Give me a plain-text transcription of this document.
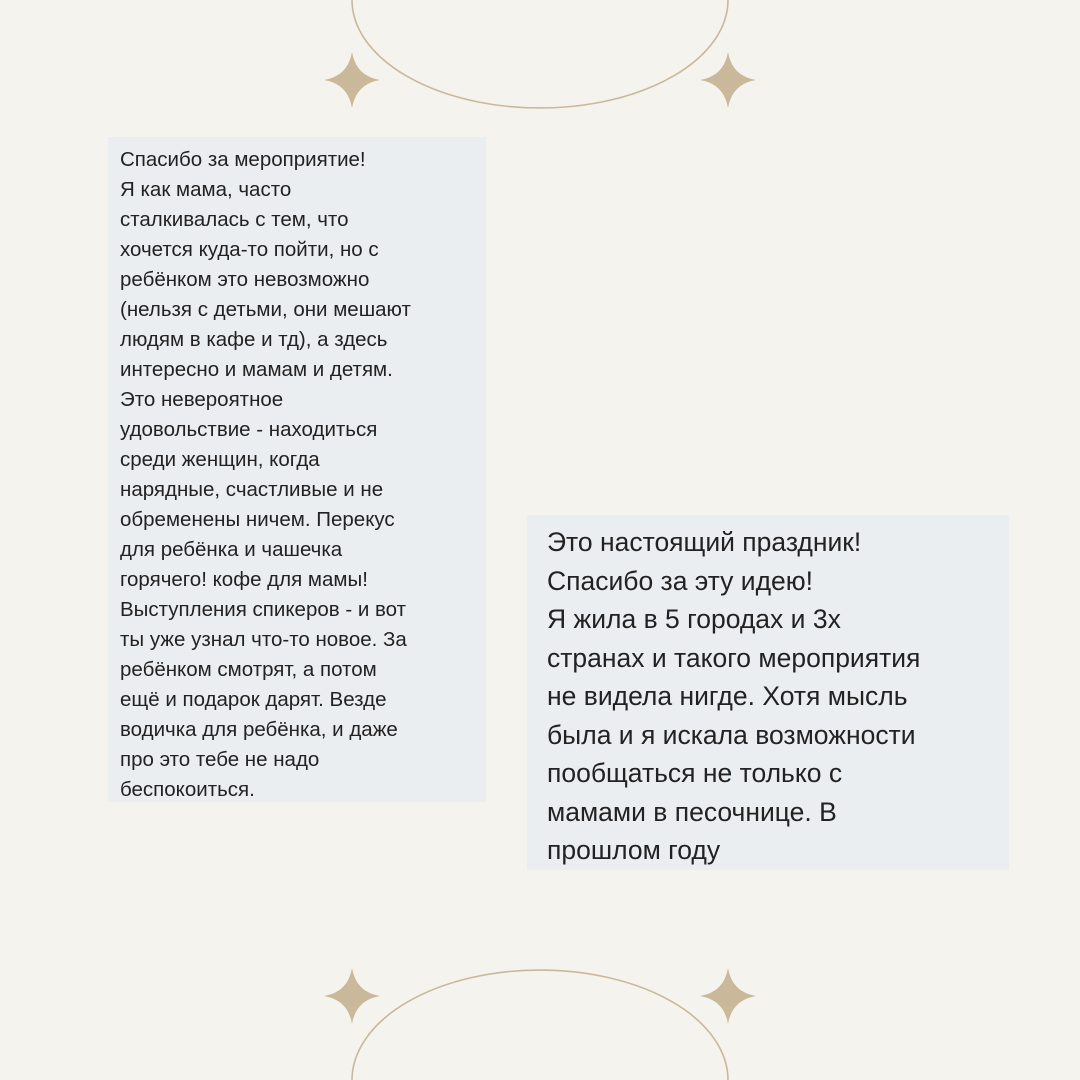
Спасибо за мероприятие!

Я как мама, часто

сталкивалась с тем, что

хочется куда-то пойти, но с

ребёнком это невозможно

(нельзя с детьми, они мешают

людям в кафе и тд), а здесь

интересно и мамам и детям.

Это невероятное

удовольствие - находиться

среди женщин, когда

нарядные, счастливые и не

обременены ничем. Перекус

для ребёнка и чашечка

горячего! кофе для мамы!

Выступления спикеров - и вот

ты уже узнал что-то новое. За

ребёнком смотрят, а потом

ещё и подарок дарят. Везде

водичка для ребёнка, и даже

про это тебе не надо

беспокоиться.

Это настоящий праздник!

Спасибо за эту идею!

Я жила в 5 городах и 3х

странах и такого мероприятия

не видела нигде. Хотя мысль

была и я искала возможности

пообщаться не только с

мамами в песочнице. В

прошлом году
